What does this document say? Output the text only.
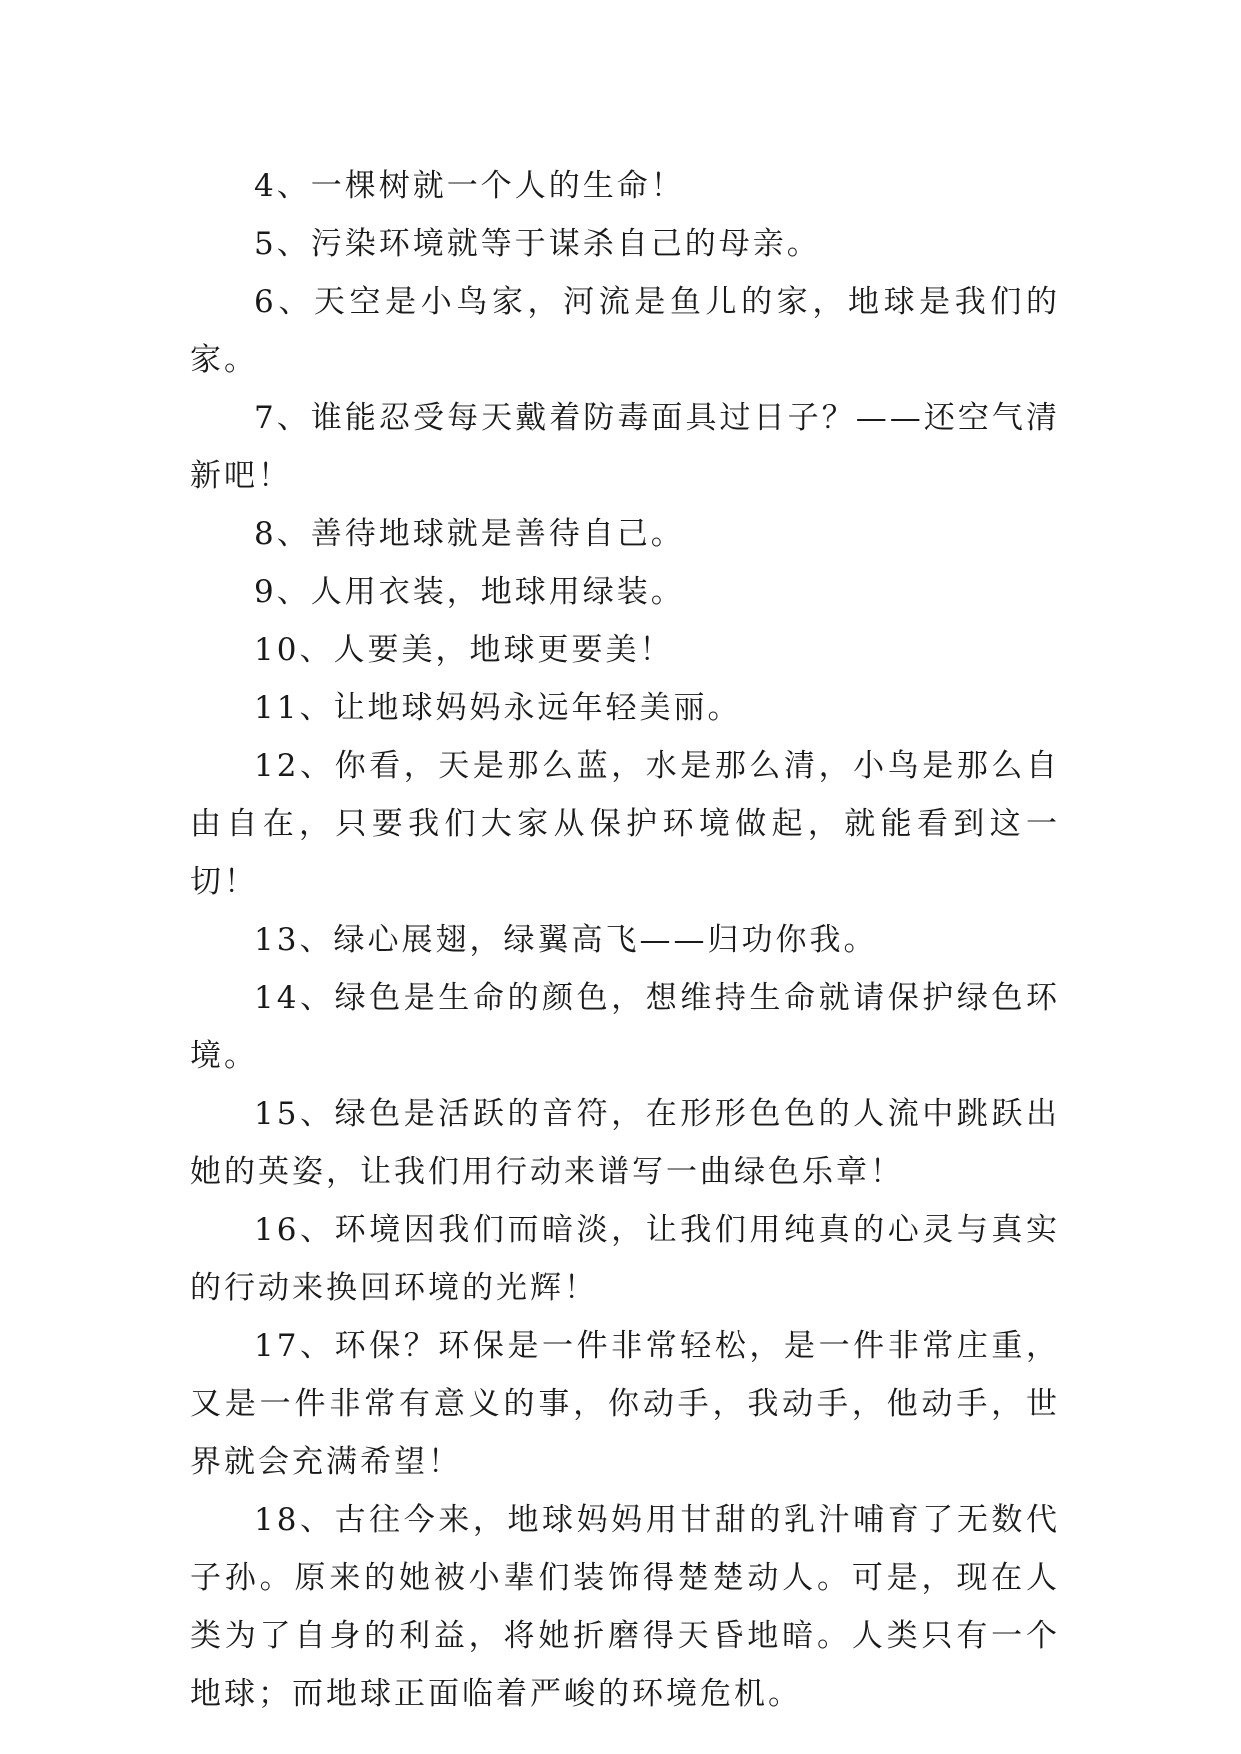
4、一棵树就一个人的生命！

5、污染环境就等于谋杀自己的母亲。

6、天空是小鸟家，河流是鱼儿的家，地球是我们的家。

7、谁能忍受每天戴着防毒面具过日子？——还空气清新吧！

8、善待地球就是善待自己。

9、人用衣装，地球用绿装。

10、人要美，地球更要美！

11、让地球妈妈永远年轻美丽。

12、你看，天是那么蓝，水是那么清，小鸟是那么自由自在，只要我们大家从保护环境做起，就能看到这一切！

13、绿心展翅，绿翼高飞——归功你我。

14、绿色是生命的颜色，想维持生命就请保护绿色环境。

15、绿色是活跃的音符，在形形色色的人流中跳跃出她的英姿，让我们用行动来谱写一曲绿色乐章！

16、环境因我们而暗淡，让我们用纯真的心灵与真实的行动来换回环境的光辉！

17、环保？环保是一件非常轻松，是一件非常庄重，又是一件非常有意义的事，你动手，我动手，他动手，世界就会充满希望！

18、古往今来，地球妈妈用甘甜的乳汁哺育了无数代子孙。原来的她被小辈们装饰得楚楚动人。可是，现在人类为了自身的利益，将她折磨得天昏地暗。人类只有一个地球；而地球正面临着严峻的环境危机。
